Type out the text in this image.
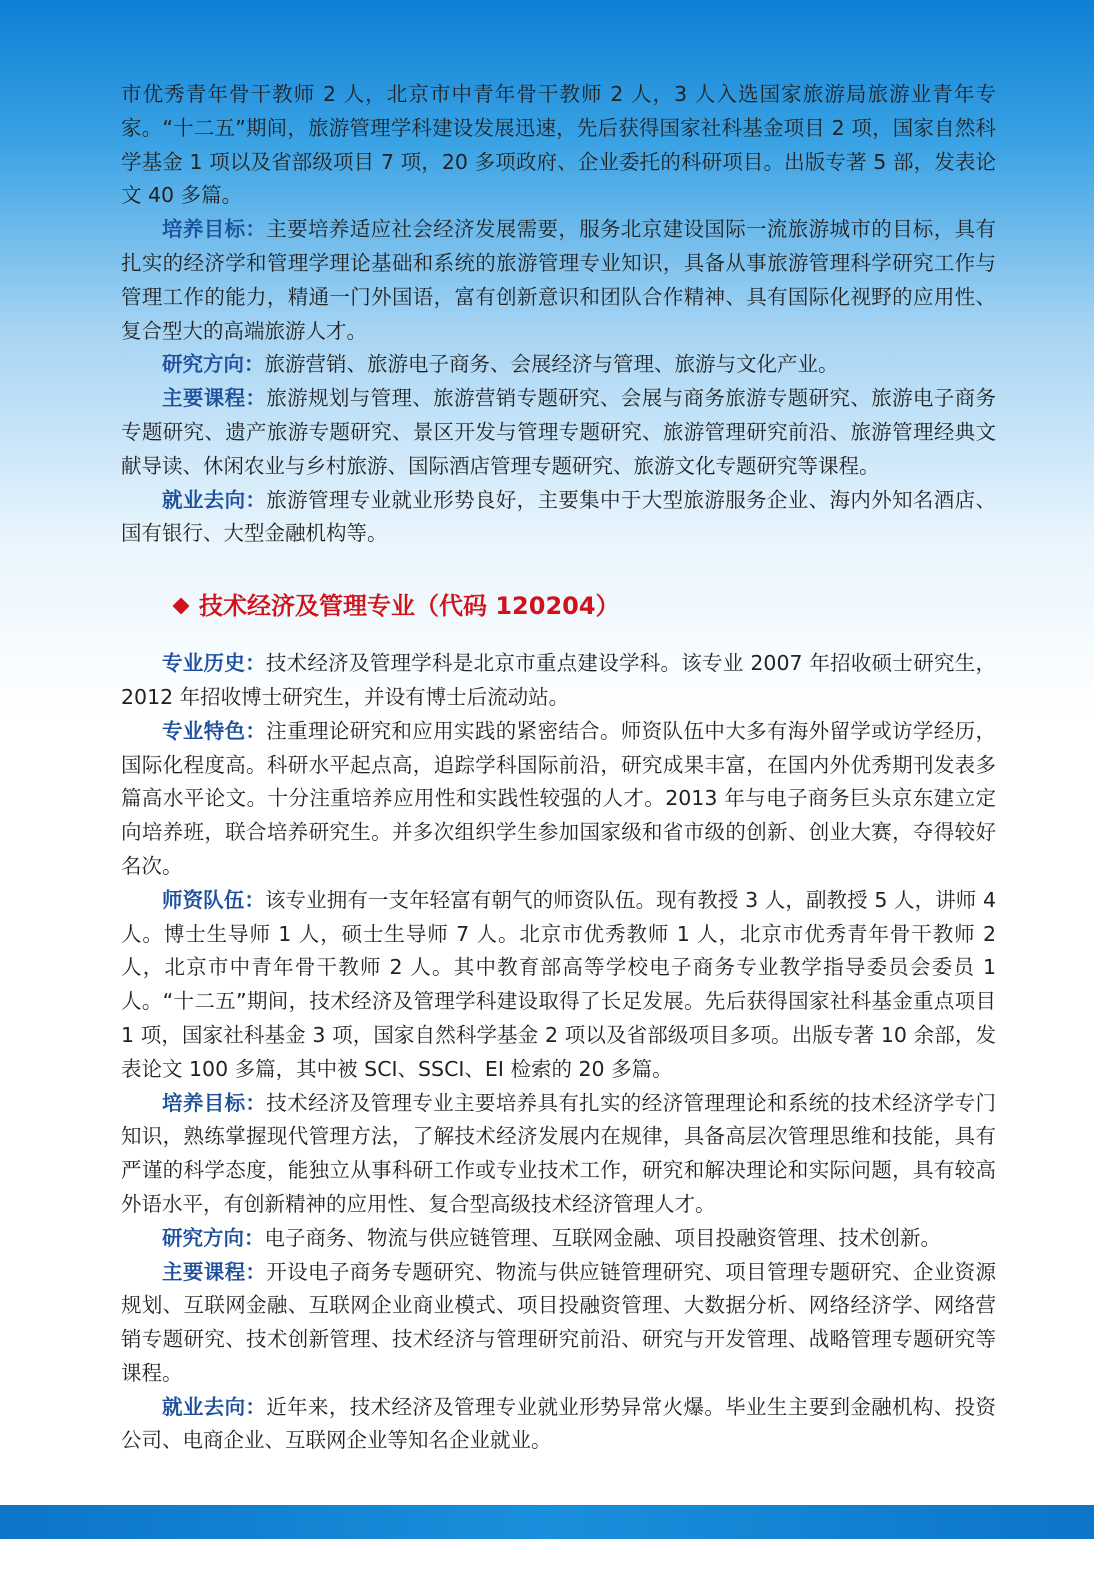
市优秀青年骨干教师 2 人，北京市中青年骨干教师 2 人，3 人入选国家旅游局旅游业青年专家。“十二五”期间，旅游管理学科建设发展迅速，先后获得国家社科基金项目 2 项，国家自然科学基金 1 项以及省部级项目 7 项，20 多项政府、企业委托的科研项目。出版专著 5 部，发表论文 40 多篇。

培养目标：主要培养适应社会经济发展需要，服务北京建设国际一流旅游城市的目标，具有扎实的经济学和管理学理论基础和系统的旅游管理专业知识，具备从事旅游管理科学研究工作与管理工作的能力，精通一门外国语，富有创新意识和团队合作精神、具有国际化视野的应用性、复合型大的高端旅游人才。

研究方向：旅游营销、旅游电子商务、会展经济与管理、旅游与文化产业。

主要课程：旅游规划与管理、旅游营销专题研究、会展与商务旅游专题研究、旅游电子商务专题研究、遗产旅游专题研究、景区开发与管理专题研究、旅游管理研究前沿、旅游管理经典文献导读、休闲农业与乡村旅游、国际酒店管理专题研究、旅游文化专题研究等课程。

就业去向：旅游管理专业就业形势良好，主要集中于大型旅游服务企业、海内外知名酒店、国有银行、大型金融机构等。

技术经济及管理专业（代码 120204）

专业历史：技术经济及管理学科是北京市重点建设学科。该专业 2007 年招收硕士研究生，2012 年招收博士研究生，并设有博士后流动站。

专业特色：注重理论研究和应用实践的紧密结合。师资队伍中大多有海外留学或访学经历，国际化程度高。科研水平起点高，追踪学科国际前沿，研究成果丰富，在国内外优秀期刊发表多篇高水平论文。十分注重培养应用性和实践性较强的人才。2013 年与电子商务巨头京东建立定向培养班，联合培养研究生。并多次组织学生参加国家级和省市级的创新、创业大赛，夺得较好名次。

师资队伍：该专业拥有一支年轻富有朝气的师资队伍。现有教授 3 人，副教授 5 人，讲师 4 人。博士生导师 1 人，硕士生导师 7 人。北京市优秀教师 1 人，北京市优秀青年骨干教师 2 人，北京市中青年骨干教师 2 人。其中教育部高等学校电子商务专业教学指导委员会委员 1 人。“十二五”期间，技术经济及管理学科建设取得了长足发展。先后获得国家社科基金重点项目 1 项，国家社科基金 3 项，国家自然科学基金 2 项以及省部级项目多项。出版专著 10 余部，发表论文 100 多篇，其中被 SCI、SSCI、EI 检索的 20 多篇。

培养目标：技术经济及管理专业主要培养具有扎实的经济管理理论和系统的技术经济学专门知识，熟练掌握现代管理方法，了解技术经济发展内在规律，具备高层次管理思维和技能，具有严谨的科学态度，能独立从事科研工作或专业技术工作，研究和解决理论和实际问题，具有较高外语水平，有创新精神的应用性、复合型高级技术经济管理人才。

研究方向：电子商务、物流与供应链管理、互联网金融、项目投融资管理、技术创新。

主要课程：开设电子商务专题研究、物流与供应链管理研究、项目管理专题研究、企业资源规划、互联网金融、互联网企业商业模式、项目投融资管理、大数据分析、网络经济学、网络营销专题研究、技术创新管理、技术经济与管理研究前沿、研究与开发管理、战略管理专题研究等课程。

就业去向：近年来，技术经济及管理专业就业形势异常火爆。毕业生主要到金融机构、投资公司、电商企业、互联网企业等知名企业就业。
